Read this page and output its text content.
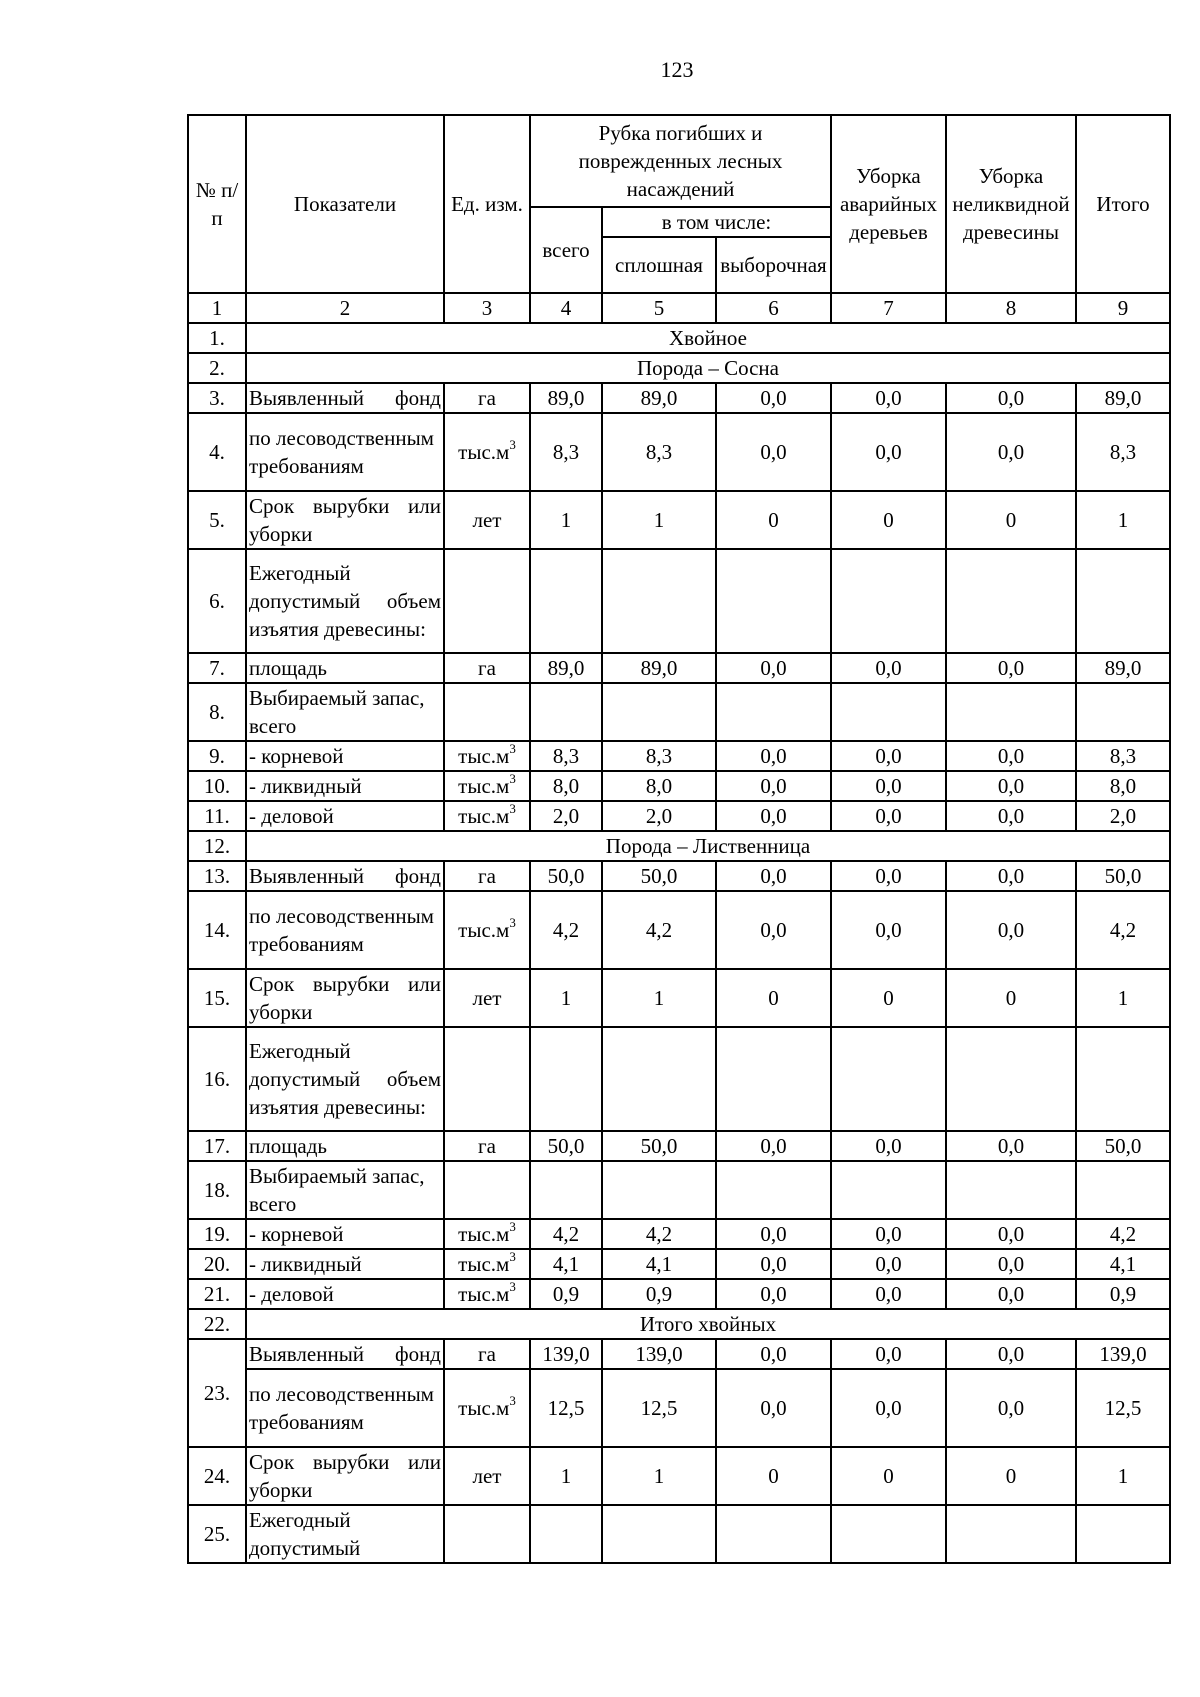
123
№ п/п	Показатели	Ед. изм.	Рубка погибших и поврежденных лесных насаждений			Уборка аварийных деревьев	Уборка неликвидной древесины	Итого
			всего	в том числе:				
				сплошная	выборочная			
1	2	3	4	5	6	7	8	9
1.	Хвойное							
2.	Порода – Сосна							
3.	Выявленный фонд	га	89,0	89,0	0,0	0,0	0,0	89,0
4.	по лесоводственным требованиям	$тыс.м^3$	8,3	8,3	0,0	0,0	0,0	8,3
5.	Срок вырубки или уборки	лет	1	1	0	0	0	1
6.	Ежегодный допустимый объем изъятия древесины:							
7.	площадь	га	89,0	89,0	0,0	0,0	0,0	89,0
8.	Выбираемый запас, всего							
9.	- корневой	$тыс.м^3$	8,3	8,3	0,0	0,0	0,0	8,3
10.	- ликвидный	$тыс.м^3$	8,0	8,0	0,0	0,0	0,0	8,0
11.	- деловой	$тыс.м^3$	2,0	2,0	0,0	0,0	0,0	2,0
12.	Порода – Лиственница							
13.	Выявленный фонд	га	50,0	50,0	0,0	0,0	0,0	50,0
14.	по лесоводственным требованиям	$тыс.м^3$	4,2	4,2	0,0	0,0	0,0	4,2
15.	Срок вырубки или уборки	лет	1	1	0	0	0	1
16.	Ежегодный допустимый объем изъятия древесины:							
17.	площадь	га	50,0	50,0	0,0	0,0	0,0	50,0
18.	Выбираемый запас, всего							
19.	- корневой	$тыс.м^3$	4,2	4,2	0,0	0,0	0,0	4,2
20.	- ликвидный	$тыс.м^3$	4,1	4,1	0,0	0,0	0,0	4,1
21.	- деловой	$тыс.м^3$	0,9	0,9	0,0	0,0	0,0	0,9
22.	Итого хвойных							
23.	Выявленный фонд	га	139,0	139,0	0,0	0,0	0,0	139,0
	по лесоводственным требованиям	$тыс.м^3$	12,5	12,5	0,0	0,0	0,0	12,5
24.	Срок вырубки или уборки	лет	1	1	0	0	0	1
25.	Ежегодный допустимый							
